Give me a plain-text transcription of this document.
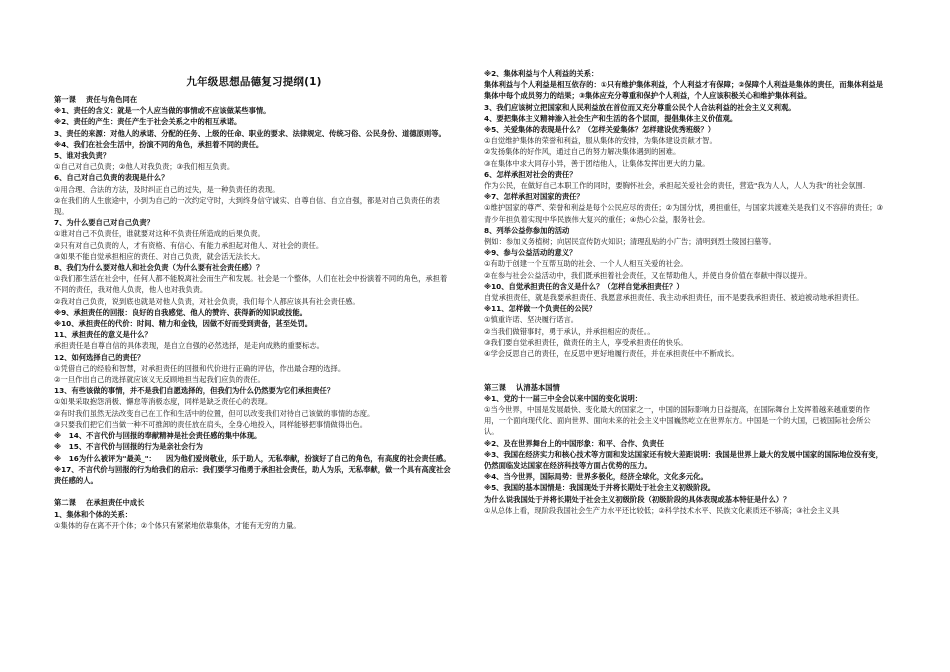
九年级思想品德复习提纲(1)
第一课    责任与角色同在
※1、责任的含义：就是一个人应当做的事情或不应该做某些事情。
※2、责任的产生：责任产生于社会关系之中的相互承诺。
3、责任的来源：对他人的承诺、分配的任务、上级的任命、职业的要求、法律规定、传统习俗、公民身份、道德原则等。
※4、我们在社会生活中，扮演不同的角色，承担着不同的责任。
5、谁对我负责？
①自己对自己负责；②他人对我负责；③我们相互负责。
6、自己对自己负责的表现是什么？
①用合理、合法的方法，及时纠正自己的过失，是一种负责任的表现。
②在我们的人生旅途中，小到为自己的一次约定守时，大到终身信守诚实、自尊自信、自立自强，都是对自己负责任的表现。
7、为什么要自己对自己负责？
①谁对自己不负责任，谁就要对这种不负责任所造成的后果负责。
②只有对自己负责的人，才有资格、有信心、有能力承担起对他人、对社会的责任。
③如果不能自觉承担相应的责任、对自己负责，就会活无法长大。
8、我们为什么要对他人和社会负责（为什么要有社会责任感）？
①我们都生活在社会中，任何人都不能脱离社会而生产和发展。社会是一个整体，人们在社会中扮演着不同的角色，承担着不同的责任，我对他人负责，他人也对我负责。
②我对自己负责，说到底也就是对他人负责，对社会负责，我们每个人都应该具有社会责任感。
※9、承担责任的回报：良好的自我感觉、他人的赞许、获得新的知识或技能。
※10、承担责任的代价：时间、精力和金钱，因做不好而受到责备，甚至处罚。
11、承担责任的意义是什么？
承担责任是自尊自信的具体表现，是自立自强的必然选择，是走向成熟的重要标志。
12、如何选择自己的责任？
①凭借自己的经验和智慧，对承担责任的回报和代价进行正确的评估，作出最合理的选择。
②一旦作出自己的选择就应该义无反顾地担当起我们应负的责任。
13、有些该做的事情，并不是我们自愿选择的，但我们为什么仍然要为它们承担责任？
①如果采取抱怨消极、懈怠等消极态度，同样是缺乏责任心的表现。
②有时我们虽然无法改变自己在工作和生活中的位置，但可以改变我们对待自己该做的事情的态度。
③只要我们把它们当做一种不可推卸的责任放在肩头，全身心地投入，同样能够把事情做得出色。
※   14、不言代价与回报的奉献精神是社会责任感的集中体现。
※   15、不言代价与回报的行为是亲社会行为
※   16为什么被评为"最美_"：    因为他们爱岗敬业，乐于助人，无私奉献，扮演好了自己的角色，有高度的社会责任感。
※17、不言代价与回报的行为给我们的启示：我们要学习他勇于承担社会责任，助人为乐，无私奉献，做一个具有高度社会责任感的人。
第二课    在承担责任中成长
1、集体和个体的关系：
①集体的存在离不开个体；②个体只有紧紧地依靠集体，才能有无穷的力量。
※2、集体利益与个人利益的关系：
集体利益与个人利益是相互依存的：①只有维护集体利益，个人利益才有保障；②保障个人利益是集体的责任，而集体利益是集体中每个成员努力的结果；③集体应充分尊重和保护个人利益，个人应该积极关心和维护集体利益。
3、我们应该树立把国家和人民利益放在首位而又充分尊重公民个人合法利益的社会主义义利观。
4、要把集体主义精神渗入社会生产和生活的各个层面，提倡集体主义价值观。
※5、关爱集体的表现是什么？（怎样关爱集体？怎样建设优秀班级？）
①自觉维护集体的荣誉和利益，服从集体的安排，为集体建设贡献才智。
②发扬集体的好作风，通过自己的努力解决集体遇到的困难。
③在集体中求大同存小异，善于团结他人，让集体发挥出更大的力量。
6、怎样承担对社会的责任？
作为公民，在做好自己本职工作的同时，要胸怀社会，承担起关爱社会的责任，营造"我为人人，人人为我"的社会氛围.
※7、怎样承担对国家的责任？
①维护国家的尊严、荣誉和利益是每个公民应尽的责任；②为国分忧，勇担重任，与国家共渡难关是我们义不容辞的责任；③青少年担负着实现中华民族伟大复兴的重任；④热心公益，服务社会。
8、列举公益你参加的活动
例如：参加义务植树；向居民宣传防火知识；清理乱贴的小广告；清明到烈士陵园扫墓等。
※9、参与公益活动的意义？
①有助于创建一个互帮互助的社会、一个人人相互关爱的社会。
②在参与社会公益活动中，我们既承担着社会责任，又在帮助他人，并使自身价值在奉献中得以提升。
※10、自觉承担责任的含义是什么？（怎样自觉承担责任？）
自觉承担责任，就是我要承担责任、我愿意承担责任、我主动承担责任，而不是要我承担责任、被迫被动地承担责任。
※11、怎样做一个负责任的公民？
①慎重许诺、坚决履行诺言。
②当我们做错事时，勇于承认，并承担相应的责任。。
③我们要自觉承担责任，做责任的主人，享受承担责任的快乐。
④学会反思自己的责任，在反思中更好地履行责任，并在承担责任中不断成长。
第三课    认清基本国情
※1、党的十一届三中全会以来中国的变化说明：
①当今世界，中国是发展最快、变化最大的国家之一，中国的国际影响力日益提高，在国际舞台上发挥着越来越重要的作用，一个面向现代化、面向世界、面向未来的社会主义中国巍然屹立在世界东方。中国是一个的大国，已被国际社会所公认。
※2、及在世界舞台上的中国形象：和平、合作、负责任
※3、我国在经济实力和核心技术等方面和发达国家还有较大差距说明：我国是世界上最大的发展中国家的国际地位没有变，仍然面临发达国家在经济科技等方面占优势的压力。
※4、当今世界，国际局势：世界多极化，经济全球化，文化多元化。
※5、我国的基本国情是：我国现处于并将长期处于社会主义初级阶段。
为什么说我国处于并将长期处于社会主义初级阶段（初级阶段的具体表现或基本特征是什么）？
①从总体上看，现阶段我国社会生产力水平还比较低；②科学技术水平、民族文化素质还不够高；③社会主义具
